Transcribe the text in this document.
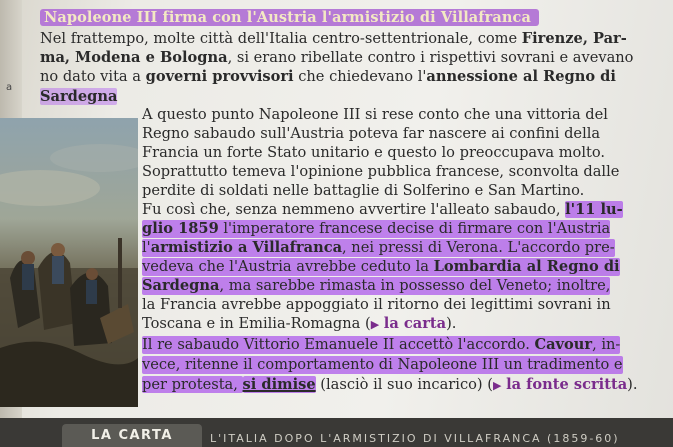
a
Napoleone III firma con l'Austria l'armistizio di Villafranca
Nel frattempo, molte città dell'Italia centro-settentrionale, come Firenze, Par-
ma, Modena e Bologna, si erano ribellate contro i rispettivi sovrani e avevano
no dato vita a governi provvisori che chiedevano l'annessione al Regno di
Sardegna
A questo punto Napoleone III si rese conto che una vittoria del
Regno sabaudo sull'Austria poteva far nascere ai confini della
Francia un forte Stato unitario e questo lo preoccupava molto.
Soprattutto temeva l'opinione pubblica francese, sconvolta dalle
perdite di soldati nelle battaglie di Solferino e San Martino.
Fu così che, senza nemmeno avvertire l'alleato sabaudo, l'11 lu-
glio 1859 l'imperatore francese decise di firmare con l'Austria
l'armistizio a Villafranca, nei pressi di Verona. L'accordo pre-
vedeva che l'Austria avrebbe ceduto la Lombardia al Regno di
Sardegna, ma sarebbe rimasta in possesso del Veneto; inoltre,
la Francia avrebbe appoggiato il ritorno dei legittimi sovrani in
Toscana e in Emilia-Romagna (▶ la carta).
Il re sabaudo Vittorio Emanuele II accettò l'accordo. Cavour, in-
vece, ritenne il comportamento di Napoleone III un tradimento e
per protesta, si dimise (lasciò il suo incarico) (▶ la fonte scritta).
LA CARTA	L'ITALIA DOPO L'ARMISTIZIO DI VILLAFRANCA (1859-60)
